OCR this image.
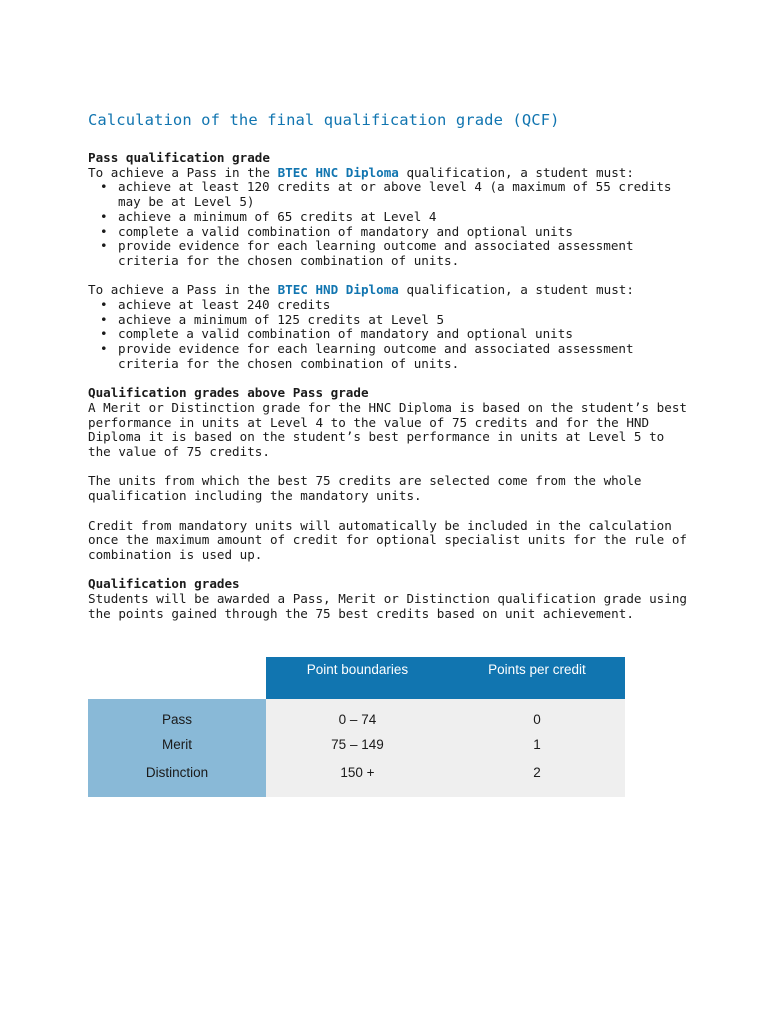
Calculation of the final qualification grade (QCF)

Pass qualification grade

To achieve a Pass in the BTEC HNC Diploma qualification, a student must:

• achieve at least 120 credits at or above level 4 (a maximum of 55 credits may be at Level 5)
• achieve a minimum of 65 credits at Level 4
• complete a valid combination of mandatory and optional units
• provide evidence for each learning outcome and associated assessment criteria for the chosen combination of units.

To achieve a Pass in the BTEC HND Diploma qualification, a student must:

• achieve at least 240 credits
• achieve a minimum of 125 credits at Level 5
• complete a valid combination of mandatory and optional units
• provide evidence for each learning outcome and associated assessment criteria for the chosen combination of units.

Qualification grades above Pass grade

A Merit or Distinction grade for the HNC Diploma is based on the student’s best performance in units at Level 4 to the value of 75 credits and for the HND Diploma it is based on the student’s best performance in units at Level 5 to the value of 75 credits.

The units from which the best 75 credits are selected come from the whole qualification including the mandatory units.

Credit from mandatory units will automatically be included in the calculation once the maximum amount of credit for optional specialist units for the rule of combination is used up.

Qualification grades

Students will be awarded a Pass, Merit or Distinction qualification grade using the points gained through the 75 best credits based on unit achievement.

	Point boundaries	Points per credit
Pass	0 – 74	0
Merit	75 – 149	1
Distinction	150 +	2
